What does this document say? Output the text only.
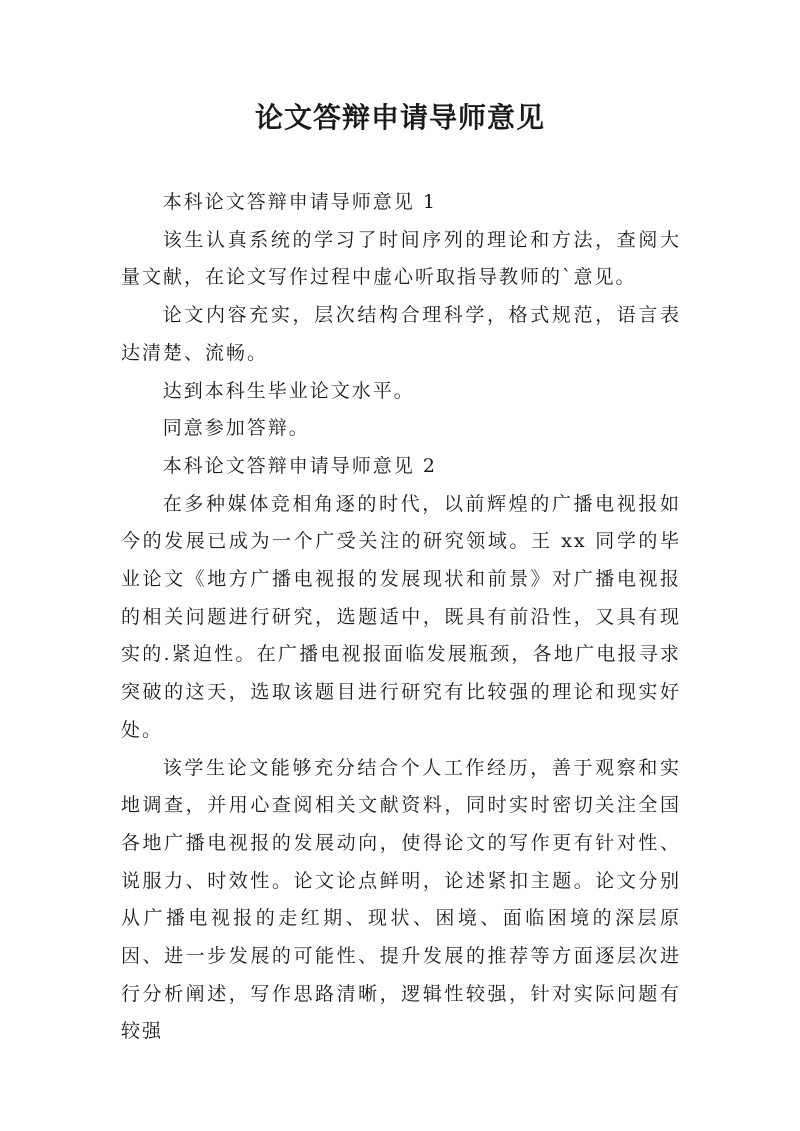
论文答辩申请导师意见

本科论文答辩申请导师意见 1

该生认真系统的学习了时间序列的理论和方法，查阅大量文献，在论文写作过程中虚心听取指导教师的`意见。

论文内容充实，层次结构合理科学，格式规范，语言表达清楚、流畅。

达到本科生毕业论文水平。

同意参加答辩。

本科论文答辩申请导师意见 2

在多种媒体竞相角逐的时代，以前辉煌的广播电视报如今的发展已成为一个广受关注的研究领域。王 xx 同学的毕业论文《地方广播电视报的发展现状和前景》对广播电视报的相关问题进行研究，选题适中，既具有前沿性，又具有现实的.紧迫性。在广播电视报面临发展瓶颈，各地广电报寻求突破的这天，选取该题目进行研究有比较强的理论和现实好处。

该学生论文能够充分结合个人工作经历，善于观察和实地调查，并用心查阅相关文献资料，同时实时密切关注全国各地广播电视报的发展动向，使得论文的写作更有针对性、说服力、时效性。论文论点鲜明，论述紧扣主题。论文分别从广播电视报的走红期、现状、困境、面临困境的深层原因、进一步发展的可能性、提升发展的推荐等方面逐层次进行分析阐述，写作思路清晰，逻辑性较强，针对实际问题有较强
